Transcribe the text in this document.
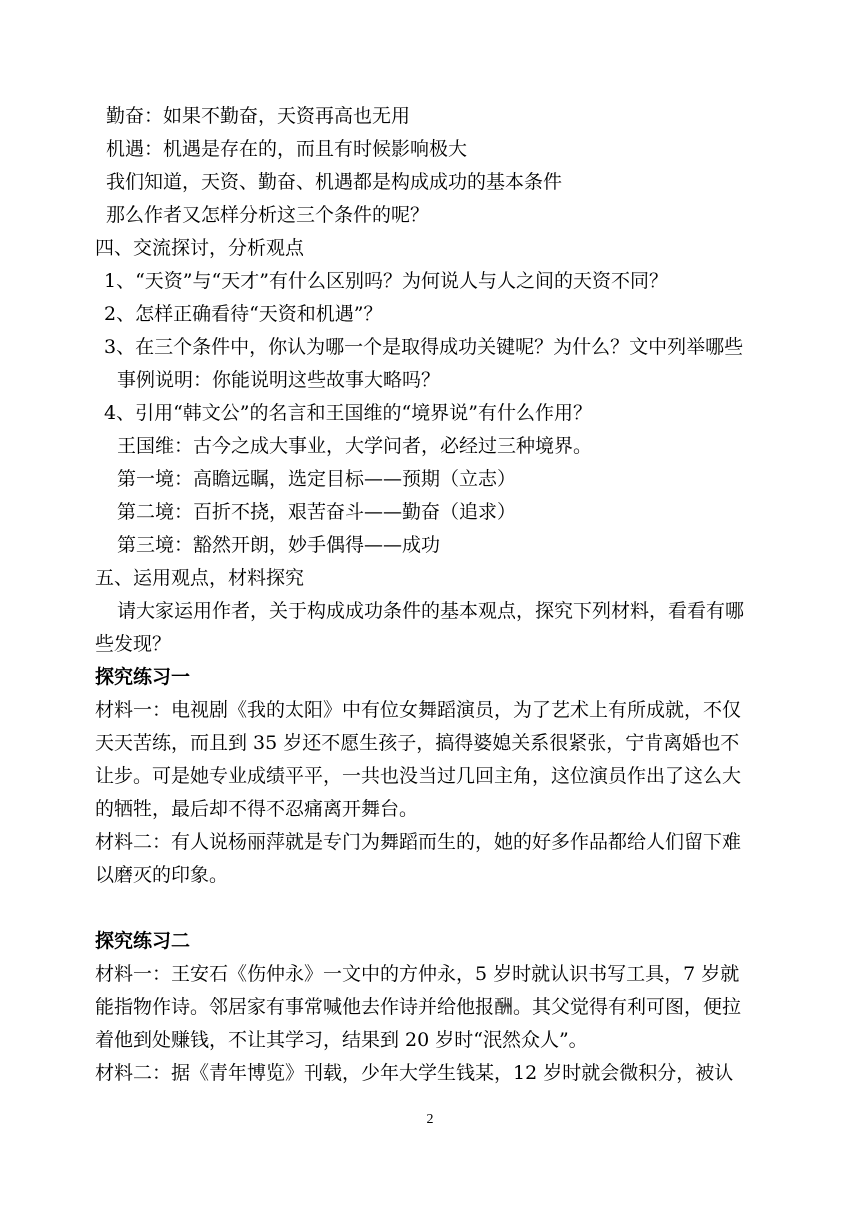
勤奋：如果不勤奋，天资再高也无用
机遇：机遇是存在的，而且有时候影响极大
我们知道，天资、勤奋、机遇都是构成成功的基本条件
那么作者又怎样分析这三个条件的呢？
四、交流探讨，分析观点
1、“天资”与“天才”有什么区别吗？为何说人与人之间的天资不同？
2、怎样正确看待“天资和机遇”？
3、在三个条件中，你认为哪一个是取得成功关键呢？为什么？文中列举哪些
事例说明：你能说明这些故事大略吗？
4、引用“韩文公”的名言和王国维的“境界说”有什么作用？
王国维：古今之成大事业，大学问者，必经过三种境界。
第一境：高瞻远瞩，选定目标——预期（立志）
第二境：百折不挠，艰苦奋斗——勤奋（追求）
第三境：豁然开朗，妙手偶得——成功
五、运用观点，材料探究
请大家运用作者，关于构成成功条件的基本观点，探究下列材料，看看有哪
些发现？
探究练习一
材料一：电视剧《我的太阳》中有位女舞蹈演员，为了艺术上有所成就，不仅
天天苦练，而且到 35 岁还不愿生孩子，搞得婆媳关系很紧张，宁肯离婚也不
让步。可是她专业成绩平平，一共也没当过几回主角，这位演员作出了这么大
的牺牲，最后却不得不忍痛离开舞台。
材料二：有人说杨丽萍就是专门为舞蹈而生的，她的好多作品都给人们留下难
以磨灭的印象。
探究练习二
材料一：王安石《伤仲永》一文中的方仲永，5 岁时就认识书写工具，7 岁就
能指物作诗。邻居家有事常喊他去作诗并给他报酬。其父觉得有利可图，便拉
着他到处赚钱，不让其学习，结果到 20 岁时“泯然众人”。
材料二：据《青年博览》刊载，少年大学生钱某，12 岁时就会微积分，被认
2
